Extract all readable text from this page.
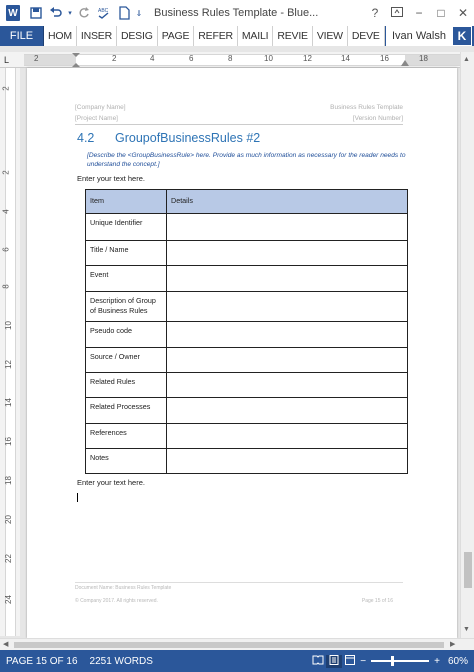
W	▾	ABC	⇓ Business Rules Template - Blue...	?	−	□	✕
FILE	HOM INSER DESIG PAGE REFER MAILI REVIE VIEW DEVE	Ivan Walsh K
L	2	2	4	6	8	10	12	14	16	18
2
2
4
6
8
10
12
14
16
18
20
22
24
[Company Name]
[Project Name]
Business Rules Template
[Version Number]
4.2 GroupofBusinessRules #2
[Describe the <GroupBusinessRule> here. Provide as much information as necessary for the reader needs to understand the concept.]
Enter your text here.
Item	Details
Unique Identifier	
Title / Name	
Event	
Description of Group of Business Rules	
Pseudo code	
Source / Owner	
Related Rules	
Related Processes	
References	
Notes	
Enter your text here.
Document Name: Business Rules Template
© Company 2017. All rights reserved.	Page 15 of 16
▲
▼
◀	▶
PAGE 15 OF 16	2251 WORDS	−	+ 60%
